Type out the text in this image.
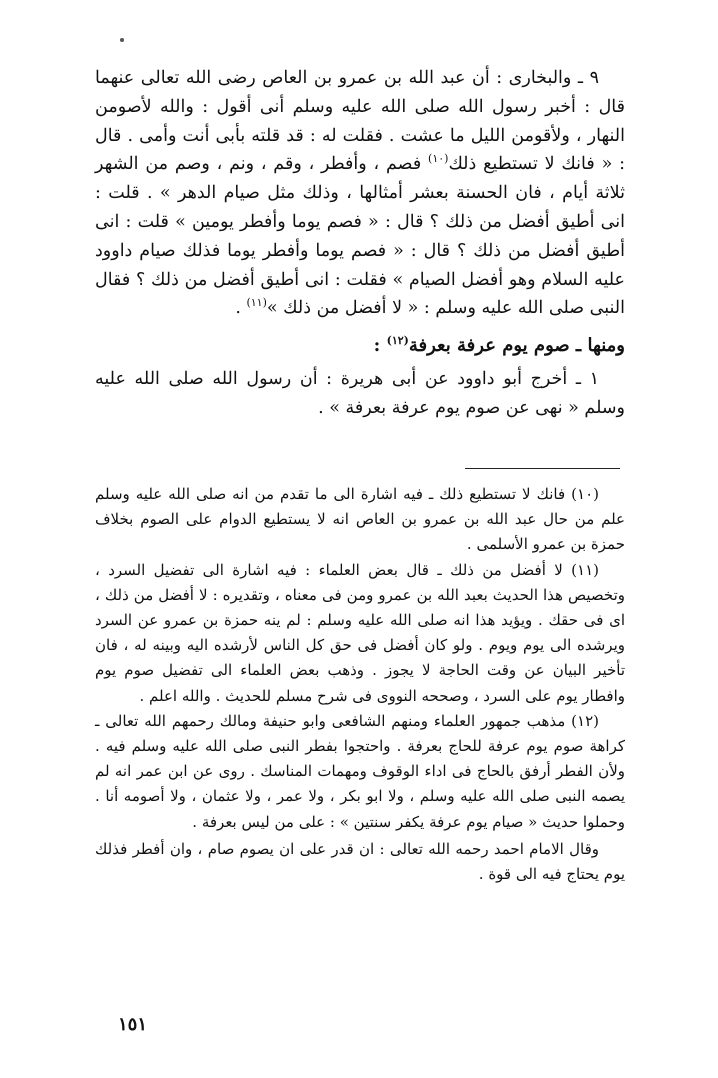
٩ ـ والبخارى : أن عبد الله بن عمرو بن العاص رضى الله تعالى عنهما قال : أخبر رسول الله صلى الله عليه وسلم أنى أقول : والله لأصومن النهار ، ولأقومن الليل ما عشت . فقلت له : قد قلته بأبى أنت وأمى . قال : « فانك لا تستطيع ذلك$^{(١٠)}$ فصم ، وأفطر ، وقم ، ونم ، وصم من الشهر ثلاثة أيام ، فان الحسنة بعشر أمثالها ، وذلك مثل صيام الدهر » . قلت : انى أطيق أفضل من ذلك ؟ قال : « فصم يوما وأفطر يومين » قلت : انى أطيق أفضل من ذلك ؟ قال : « فصم يوما وأفطر يوما فذلك صيام داوود عليه السلام وهو أفضل الصيام » فقلت : انى أطيق أفضل من ذلك ؟ فقال النبى صلى الله عليه وسلم : « لا أفضل من ذلك »$^{(١١)}$ .

ومنها ـ صوم يوم عرفة بعرفة$^{(١٢)}$ :

١ ـ أخرج أبو داوود عن أبى هريرة : أن رسول الله صلى الله عليه وسلم « نهى عن صوم يوم عرفة بعرفة » .

(١٠) فانك لا تستطيع ذلك ـ فيه اشارة الى ما تقدم من انه صلى الله عليه وسلم علم من حال عبد الله بن عمرو بن العاص انه لا يستطيع الدوام على الصوم بخلاف حمزة بن عمرو الأسلمى .

(١١) لا أفضل من ذلك ـ قال بعض العلماء : فيه اشارة الى تفضيل السرد ، وتخصيص هذا الحديث بعبد الله بن عمرو ومن فى معناه ، وتقديره : لا أفضل من ذلك ، اى فى حقك . ويؤيد هذا انه صلى الله عليه وسلم : لم ينه حمزة بن عمرو عن السرد ويرشده الى يوم ويوم . ولو كان أفضل فى حق كل الناس لأرشده اليه وبينه له ، فان تأخير البيان عن وقت الحاجة لا يجوز . وذهب بعض العلماء الى تفضيل صوم يوم وافطار يوم على السرد ، وصححه النووى فى شرح مسلم للحديث . والله اعلم .

(١٢) مذهب جمهور العلماء ومنهم الشافعى وابو حنيفة ومالك رحمهم الله تعالى ـ كراهة صوم يوم عرفة للحاج بعرفة . واحتجوا بفطر النبى صلى الله عليه وسلم فيه . ولأن الفطر أرفق بالحاج فى اداء الوقوف ومهمات المناسك . روى عن ابن عمر انه لم يصمه النبى صلى الله عليه وسلم ، ولا ابو بكر ، ولا عمر ، ولا عثمان ، ولا أصومه أنا . وحملوا حديث « صيام يوم عرفة يكفر سنتين » : على من ليس بعرفة .

وقال الامام احمد رحمه الله تعالى : ان قدر على ان يصوم صام ، وان أفطر فذلك يوم يحتاج فيه الى قوة .

١٥١
